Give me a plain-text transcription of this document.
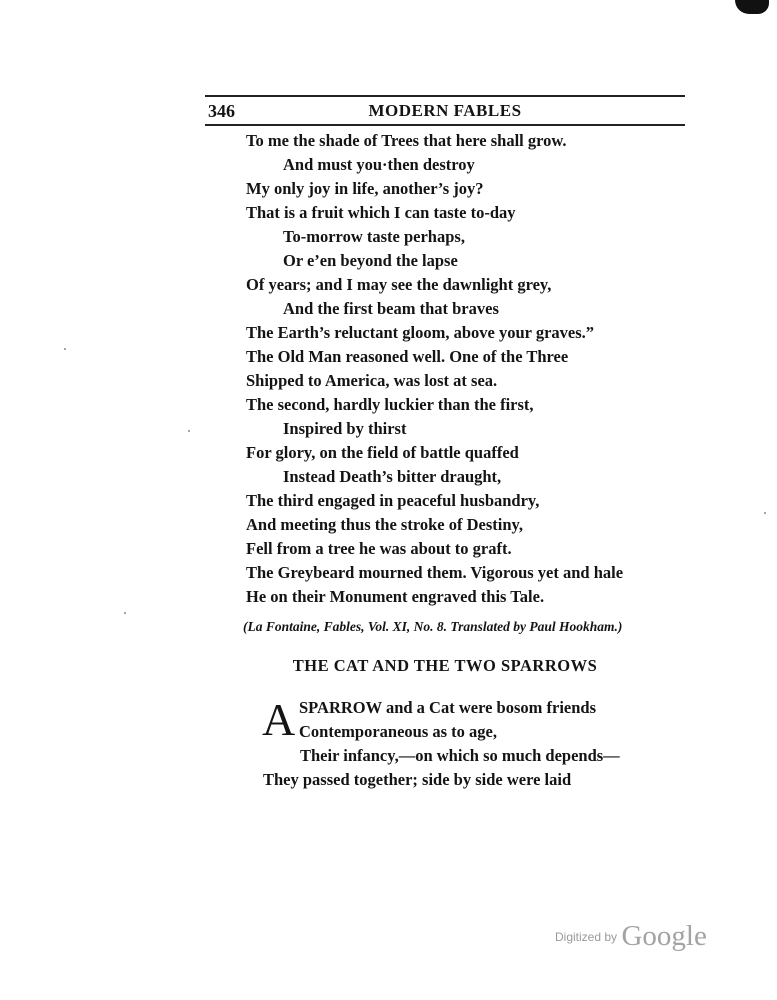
346	MODERN FABLES
To me the shade of Trees that here shall grow.
And must you·then destroy
My only joy in life, another’s joy?
That is a fruit which I can taste to-day
To-morrow taste perhaps,
Or e’en beyond the lapse
Of years; and I may see the dawnlight grey,
And the first beam that braves
The Earth’s reluctant gloom, above your graves.”
The Old Man reasoned well. One of the Three
Shipped to America, was lost at sea.
The second, hardly luckier than the first,
Inspired by thirst
For glory, on the field of battle quaffed
Instead Death’s bitter draught,
The third engaged in peaceful husbandry,
And meeting thus the stroke of Destiny,
Fell from a tree he was about to graft.
The Greybeard mourned them. Vigorous yet and hale
He on their Monument engraved this Tale.
(La Fontaine, Fables, Vol. XI, No. 8. Translated by Paul Hookham.)
THE CAT AND THE TWO SPARROWS
A SPARROW and a Cat were bosom friends
Contemporaneous as to age,
Their infancy,—on which so much depends—
They passed together; side by side were laid
$^{Digitized by}$ Google
